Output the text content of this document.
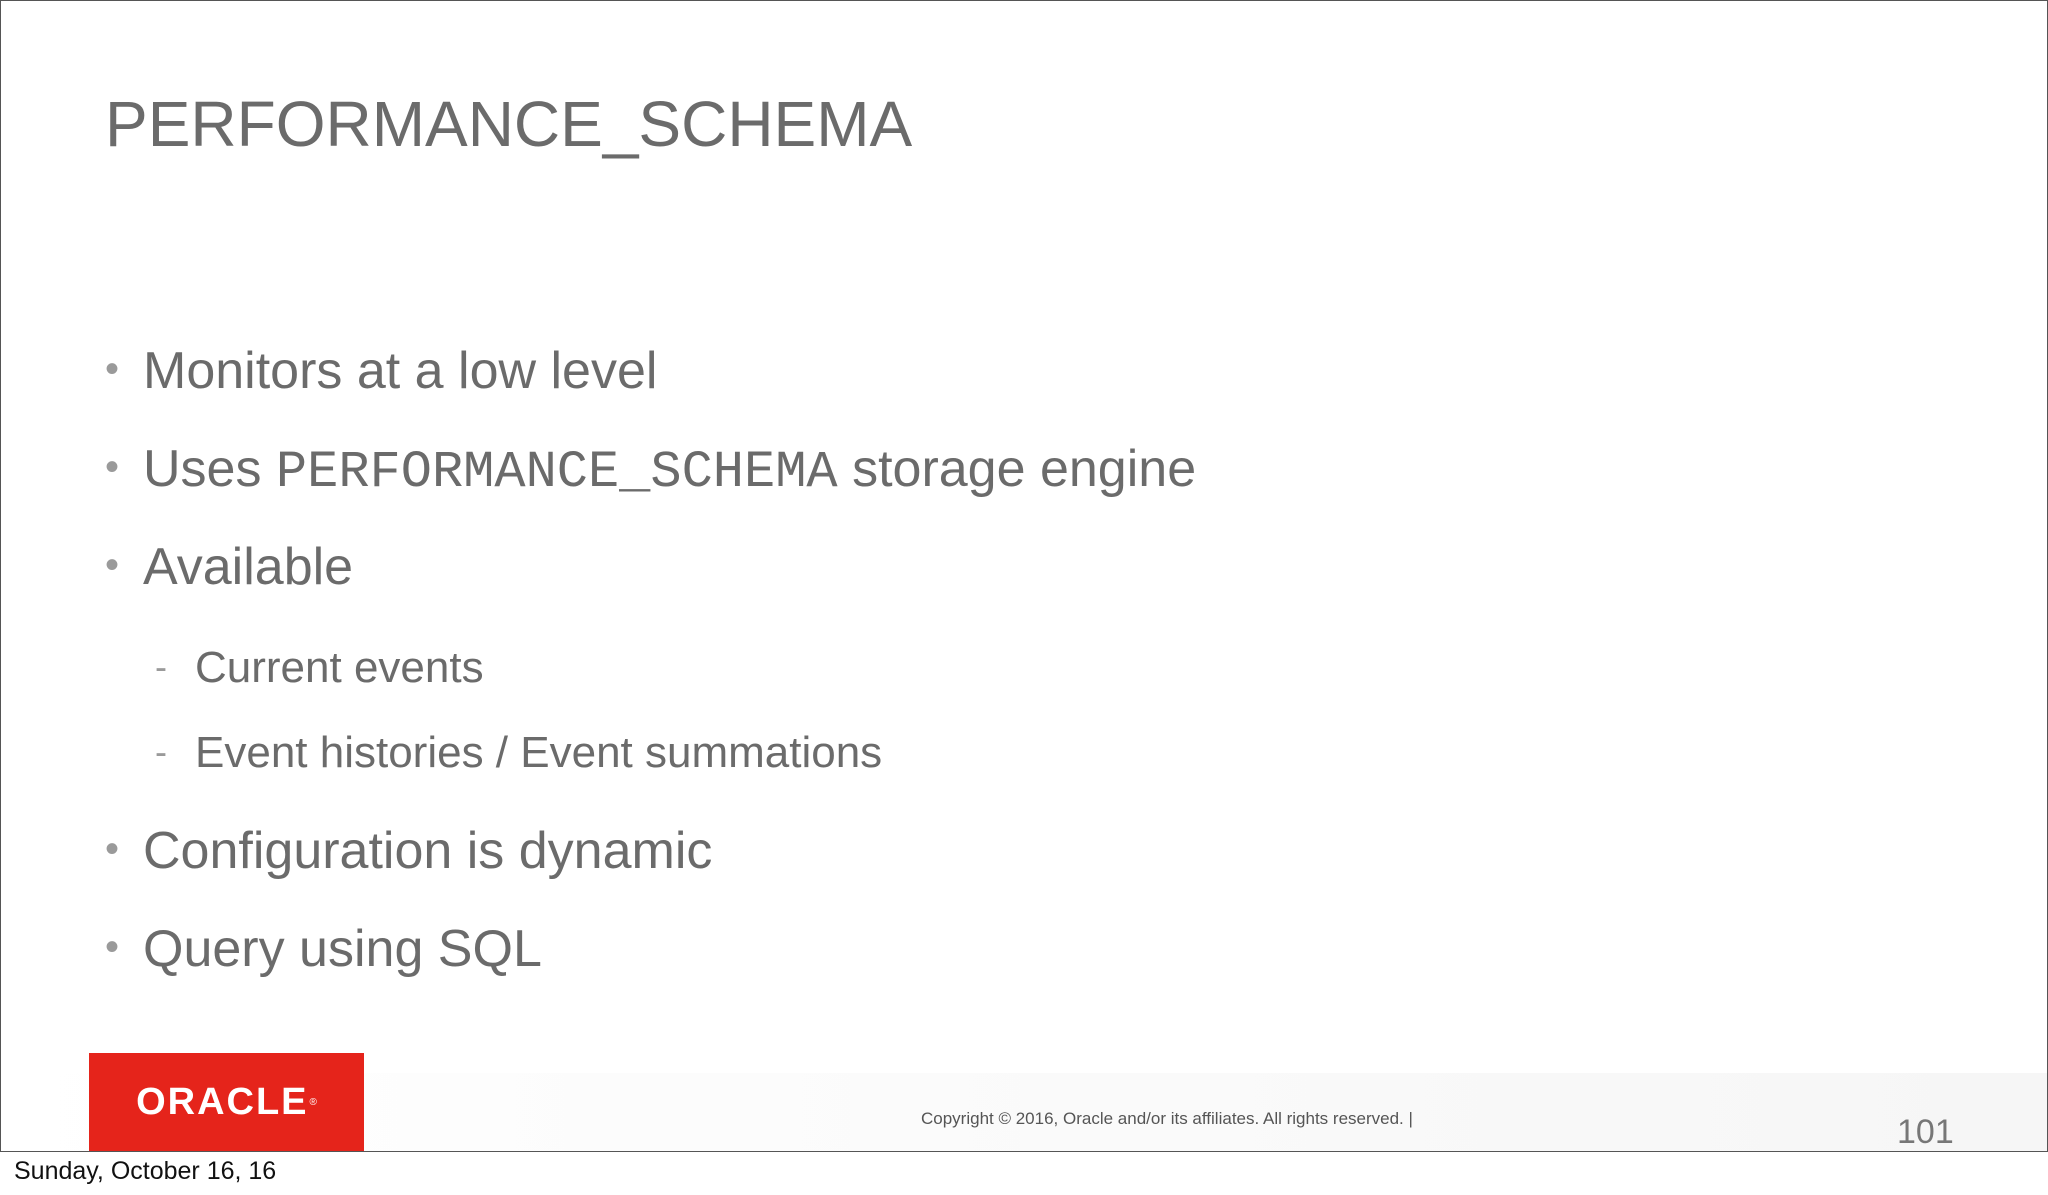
PERFORMANCE_SCHEMA
• Monitors at a low level
• Uses PERFORMANCE_SCHEMA storage engine
• Available
- Current events
- Event histories / Event summations
• Configuration is dynamic
• Query using SQL
ORACLE ®
Copyright © 2016, Oracle and/or its affiliates. All rights reserved. |	101
Sunday, October 16, 16
